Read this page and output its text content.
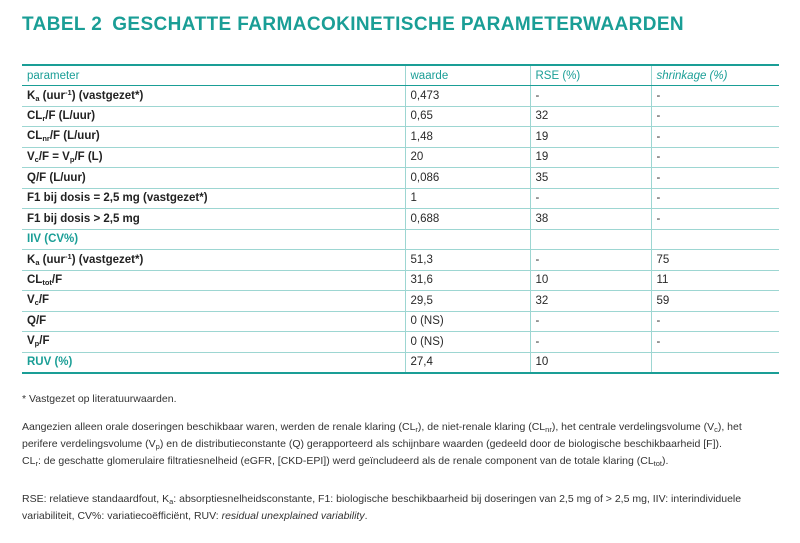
TABEL 2 GESCHATTE FARMACOKINETISCHE PARAMETERWAARDEN
parameter	waarde	RSE (%)	shrinkage (%)
$K_a$ (uur$^{-1}$) (vastgezet*)	0,473	-	-
$CL_r/F$ (L/uur)	0,65	32	-
$CL_{nr}/F$ (L/uur)	1,48	19	-
$V_c/F = V_p/F$ (L)	20	19	-
Q/F (L/uur)	0,086	35	-
F1 bij dosis = 2,5 mg (vastgezet*)	1	-	-
F1 bij dosis > 2,5 mg	0,688	38	-
IIV (CV%)			
$K_a$ (uur$^{-1}$) (vastgezet*)	51,3	-	75
$CL_{tot}/F$	31,6	10	11
$V_c/F$	29,5	32	59
Q/F	0 (NS)	-	-
$V_p/F$	0 (NS)	-	-
RUV (%)	27,4	10	
* Vastgezet op literatuurwaarden.
Aangezien alleen orale doseringen beschikbaar waren, werden de renale klaring $(CL_r)$, de niet-renale klaring $(CL_{nr})$, het centrale verdelingsvolume $(V_c)$, het perifere verdelingsvolume $(V_p)$ en de distributieconstante (Q) gerapporteerd als schijnbare waarden (gedeeld door de biologische beschikbaarheid [F]).
$CL_r$: de geschatte glomerulaire filtratiesnelheid (eGFR, [CKD-EPI]) werd geïncludeerd als de renale component van de totale klaring $(CL_{tot})$.
RSE: relatieve standaardfout, $K_a$: absorptiesnelheidsconstante, F1: biologische beschikbaarheid bij doseringen van 2,5 mg of > 2,5 mg, IIV: interindividuele variabiliteit, CV%: variatiecoëfficiënt, RUV: residual unexplained variability.
